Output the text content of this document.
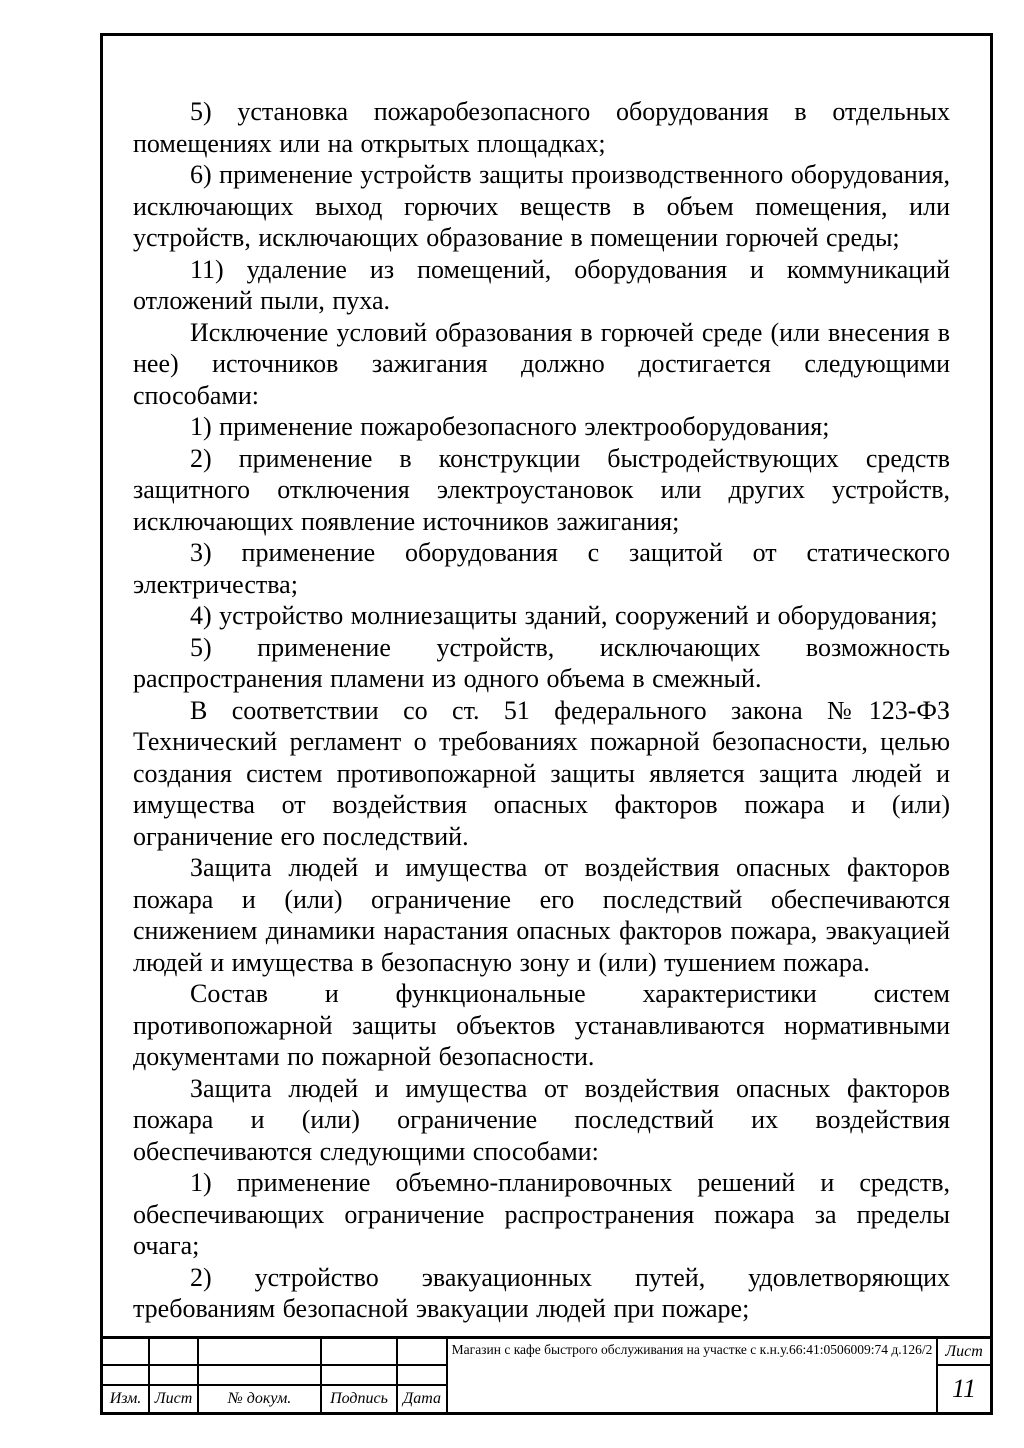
5) установка пожаробезопасного оборудования в отдельных помещениях или на открытых площадках;

6) применение устройств защиты производственного оборудования, исключающих выход горючих веществ в объем помещения, или устройств, исключающих образование в помещении горючей среды;

11) удаление из помещений, оборудования и коммуникаций отложений пыли, пуха.

Исключение условий образования в горючей среде (или внесения в нее) источников зажигания должно достигается следующими способами:

1) применение пожаробезопасного электрооборудования;

2) применение в конструкции быстродействующих средств защитного отключения электроустановок или других устройств, исключающих появление источников зажигания;

3) применение оборудования с защитой от статического электричества;

4) устройство молниезащиты зданий, сооружений и оборудования;

5) применение устройств, исключающих возможность распространения пламени из одного объема в смежный.

В соответствии со ст. 51 федерального закона №123-ФЗ Технический регламент о требованиях пожарной безопасности, целью создания систем противопожарной защиты является защита людей и имущества от воздействия опасных факторов пожара и (или) ограничение его последствий.

Защита людей и имущества от воздействия опасных факторов пожара и (или) ограничение его последствий обеспечиваются снижением динамики нарастания опасных факторов пожара, эвакуацией людей и имущества в безопасную зону и (или) тушением пожара.

Состав и функциональные характеристики систем противопожарной защиты объектов устанавливаются нормативными документами по пожарной безопасности.

Защита людей и имущества от воздействия опасных факторов пожара и (или) ограничение последствий их воздействия обеспечиваются следующими способами:

1) применение объемно-планировочных решений и средств, обеспечивающих ограничение распространения пожара за пределы очага;

2) устройство эвакуационных путей, удовлетворяющих требованиям безопасной эвакуации людей при пожаре;

Изм. Лист № докум. Подпись Дата
Магазин с кафе быстрого обслуживания на участке с к.н.у.66:41:0506009:74 д.126/2 Лист
11
